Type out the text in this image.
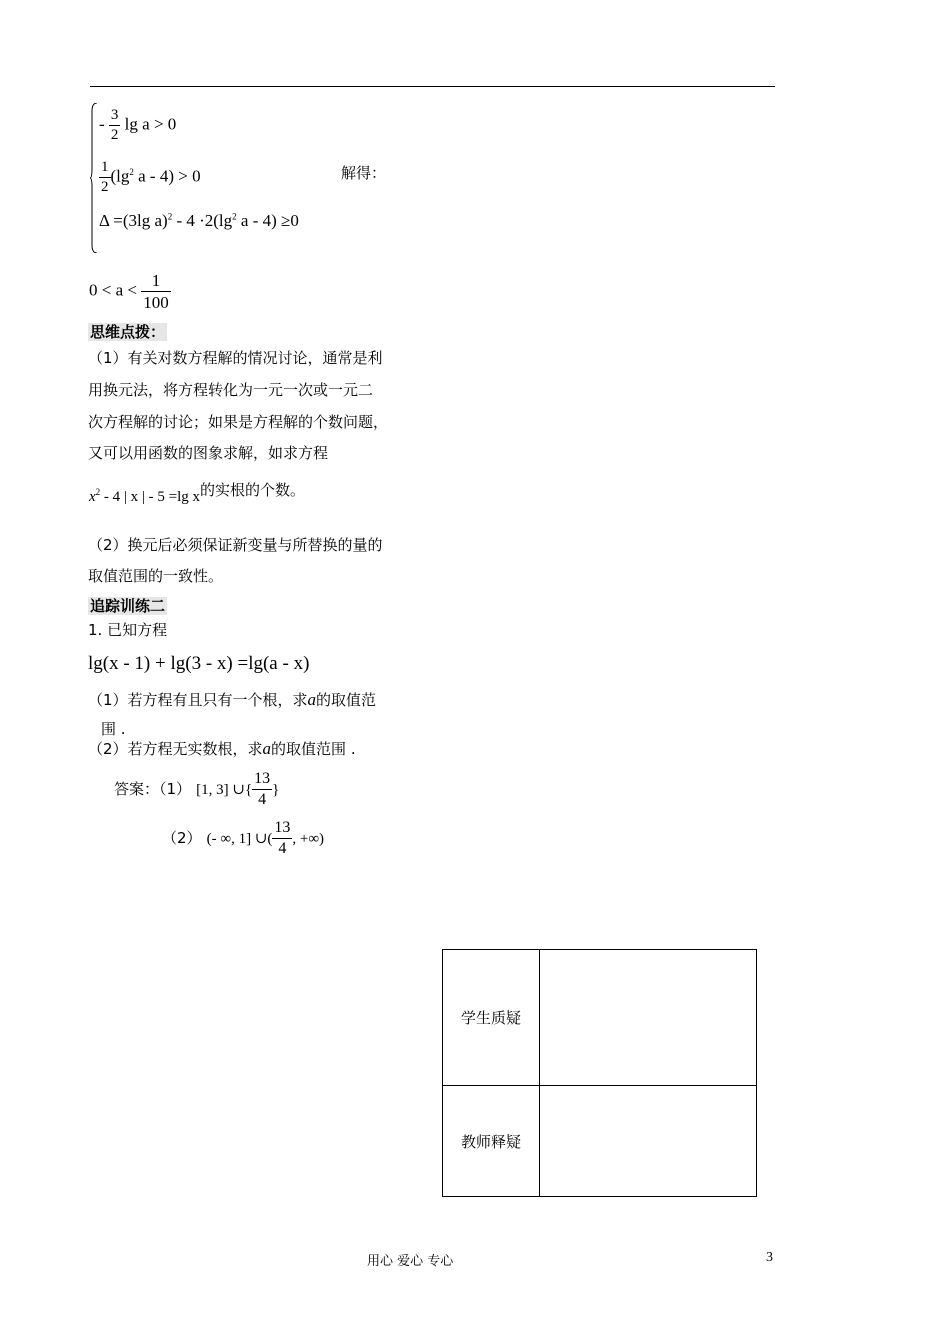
- $\frac{3}{2}$ lg a > 0
$\frac{1}{2} (\lg^2$ a - 4) > 0
Δ =(3lg $a)^2 - 4 \cdot 2(\lg^2$ a - 4) ≥0
解得：
$0 < a < \frac{1}{100}$
思维点拨：
（1）有关对数方程解的情况讨论，通常是利
用换元法，将方程转化为一元一次或一元二
次方程解的讨论；如果是方程解的个数问题，
又可以用函数的图象求解，如求方程
$x^2 - 4$ | x | - 5 =lg x的实根的个数。
（2）换元后必须保证新变量与所替换的量的
取值范围的一致性。
追踪训练二
1. 已知方程
lg(x - 1) + lg(3 - x) =lg(a - x)
（1）若方程有且只有一个根，求a的取值范
围 .
（2）若方程无实数根，求a的取值范围 .
答案：（1） [1, 3] ∪{ $\frac{13}{4}$ }
（2） (- ∞, 1] ∪( $\frac{13}{4}$ , +∞)
学生质疑	
教师释疑	
用心 爱心 专心	3
